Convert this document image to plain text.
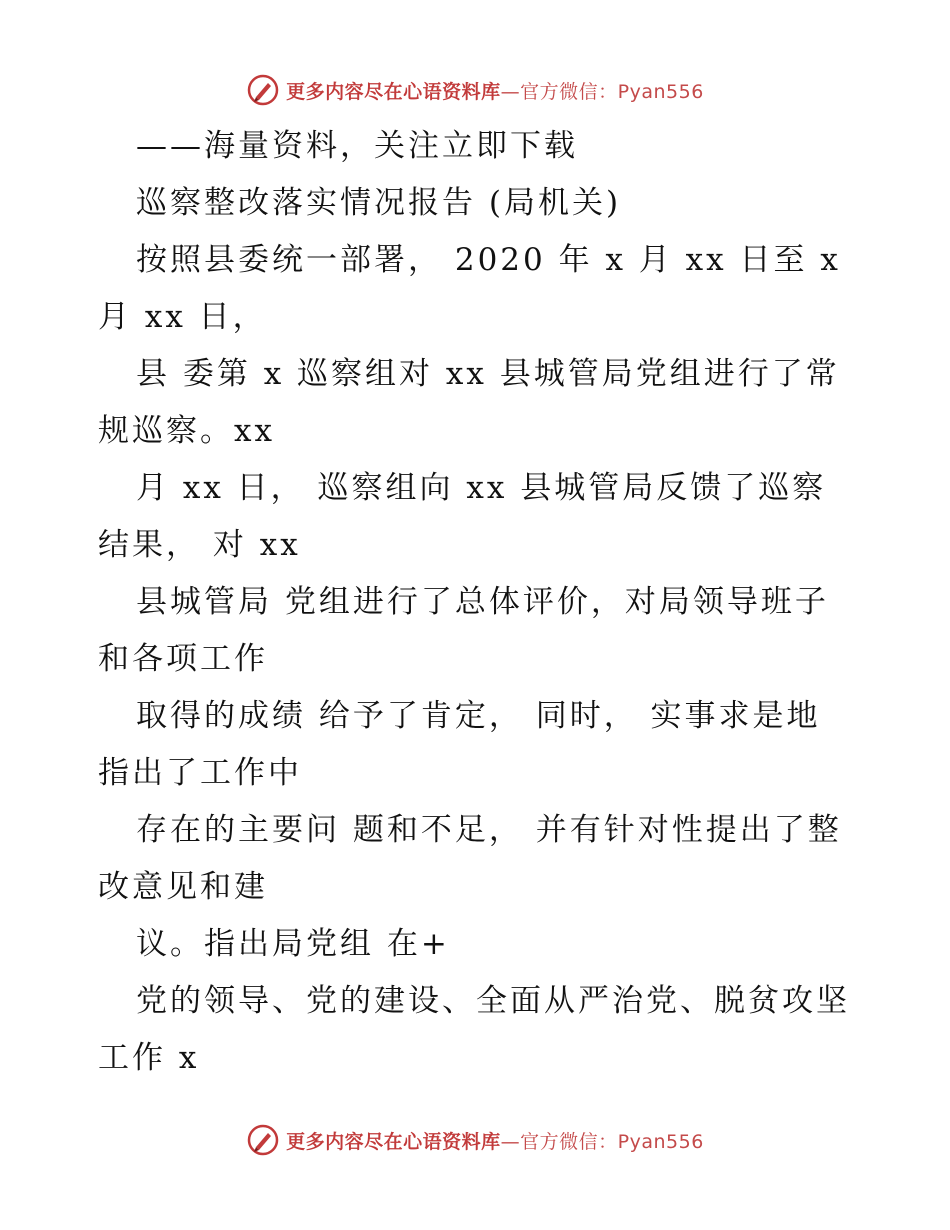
更多内容尽在心语资料库—官方微信：Pyan556
——海量资料，关注立即下载
巡察整改落实情况报告 (局机关)
按照县委统一部署， 2020 年 x 月 xx 日至 x
月 xx 日，
县 委第 x 巡察组对 xx 县城管局党组进行了常
规巡察。xx
月 xx 日， 巡察组向 xx 县城管局反馈了巡察
结果， 对 xx
县城管局 党组进行了总体评价，对局领导班子
和各项工作
取得的成绩 给予了肯定， 同时， 实事求是地
指出了工作中
存在的主要问 题和不足， 并有针对性提出了整
改意见和建
议。指出局党组 在+
党的领导、党的建设、全面从严治党、脱贫攻坚
工作 x
更多内容尽在心语资料库—官方微信：Pyan556
